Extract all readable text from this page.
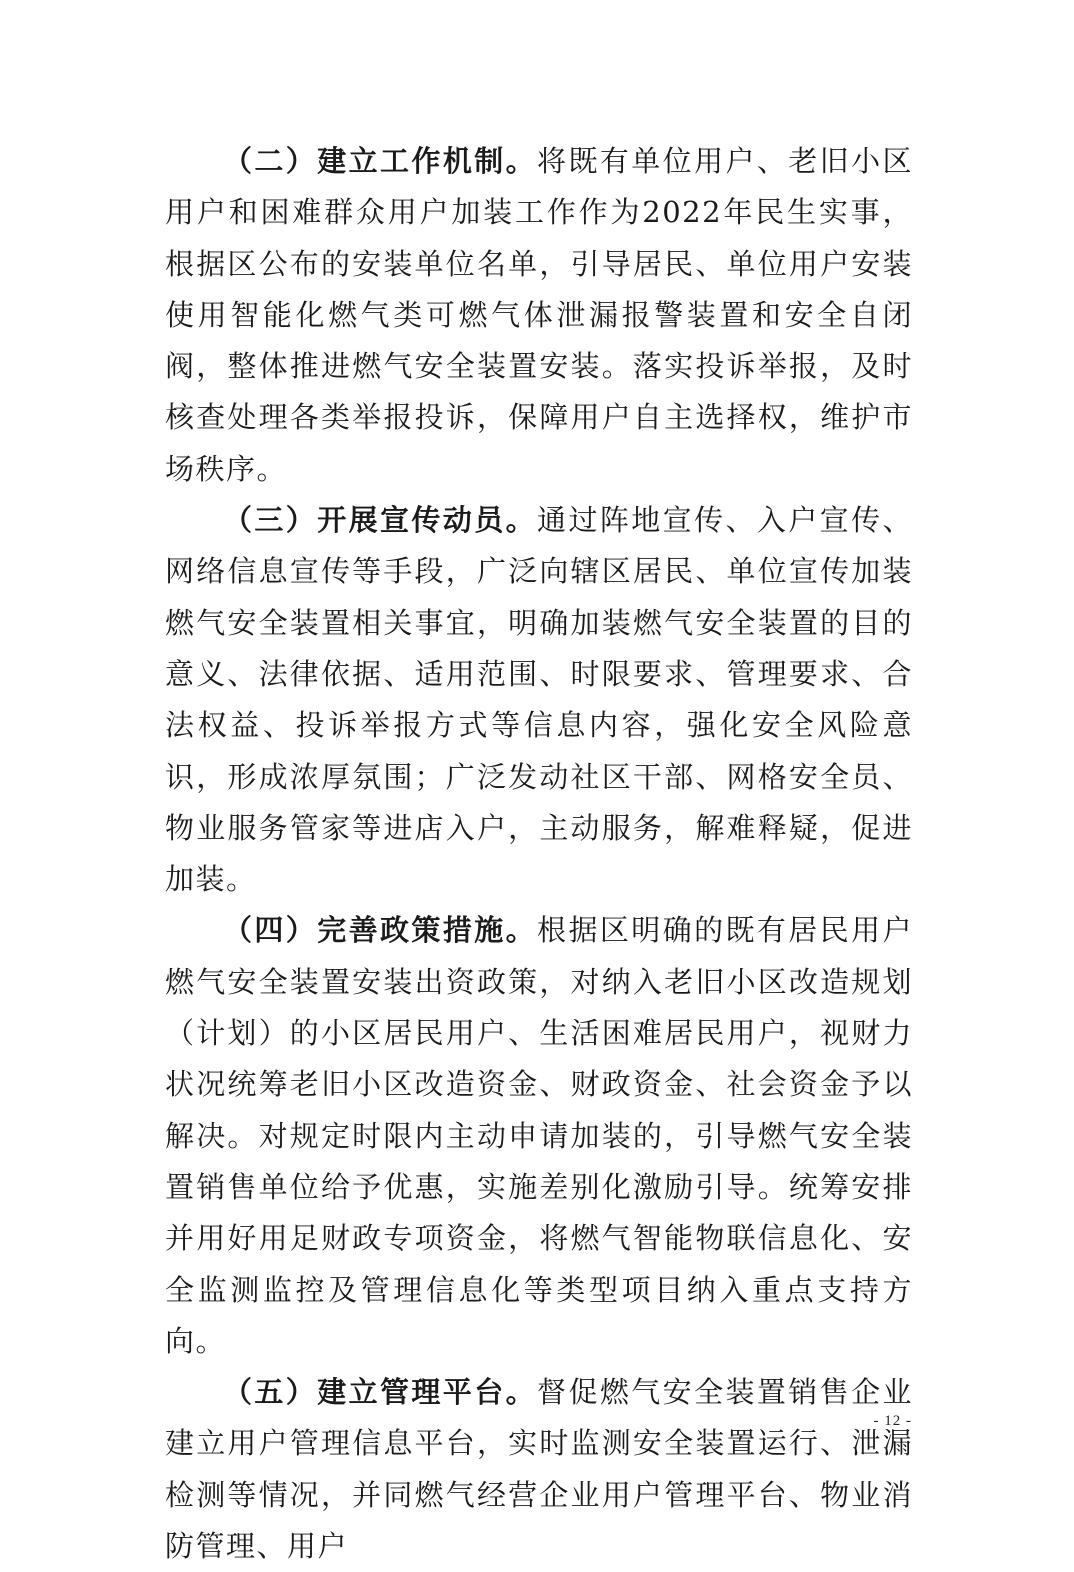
（二）建立工作机制。将既有单位用户、老旧小区用户和困难群众用户加装工作作为2022年民生实事，根据区公布的安装单位名单，引导居民、单位用户安装使用智能化燃气类可燃气体泄漏报警装置和安全自闭阀，整体推进燃气安全装置安装。落实投诉举报，及时核查处理各类举报投诉，保障用户自主选择权，维护市场秩序。

（三）开展宣传动员。通过阵地宣传、入户宣传、网络信息宣传等手段，广泛向辖区居民、单位宣传加装燃气安全装置相关事宜，明确加装燃气安全装置的目的意义、法律依据、适用范围、时限要求、管理要求、合法权益、投诉举报方式等信息内容，强化安全风险意识，形成浓厚氛围；广泛发动社区干部、网格安全员、物业服务管家等进店入户，主动服务，解难释疑，促进加装。

（四）完善政策措施。根据区明确的既有居民用户燃气安全装置安装出资政策，对纳入老旧小区改造规划（计划）的小区居民用户、生活困难居民用户，视财力状况统筹老旧小区改造资金、财政资金、社会资金予以解决。对规定时限内主动申请加装的，引导燃气安全装置销售单位给予优惠，实施差别化激励引导。统筹安排并用好用足财政专项资金，将燃气智能物联信息化、安全监测监控及管理信息化等类型项目纳入重点支持方向。

（五）建立管理平台。督促燃气安全装置销售企业建立用户管理信息平台，实时监测安全装置运行、泄漏检测等情况，并同燃气经营企业用户管理平台、物业消防管理、用户

- 12 -
